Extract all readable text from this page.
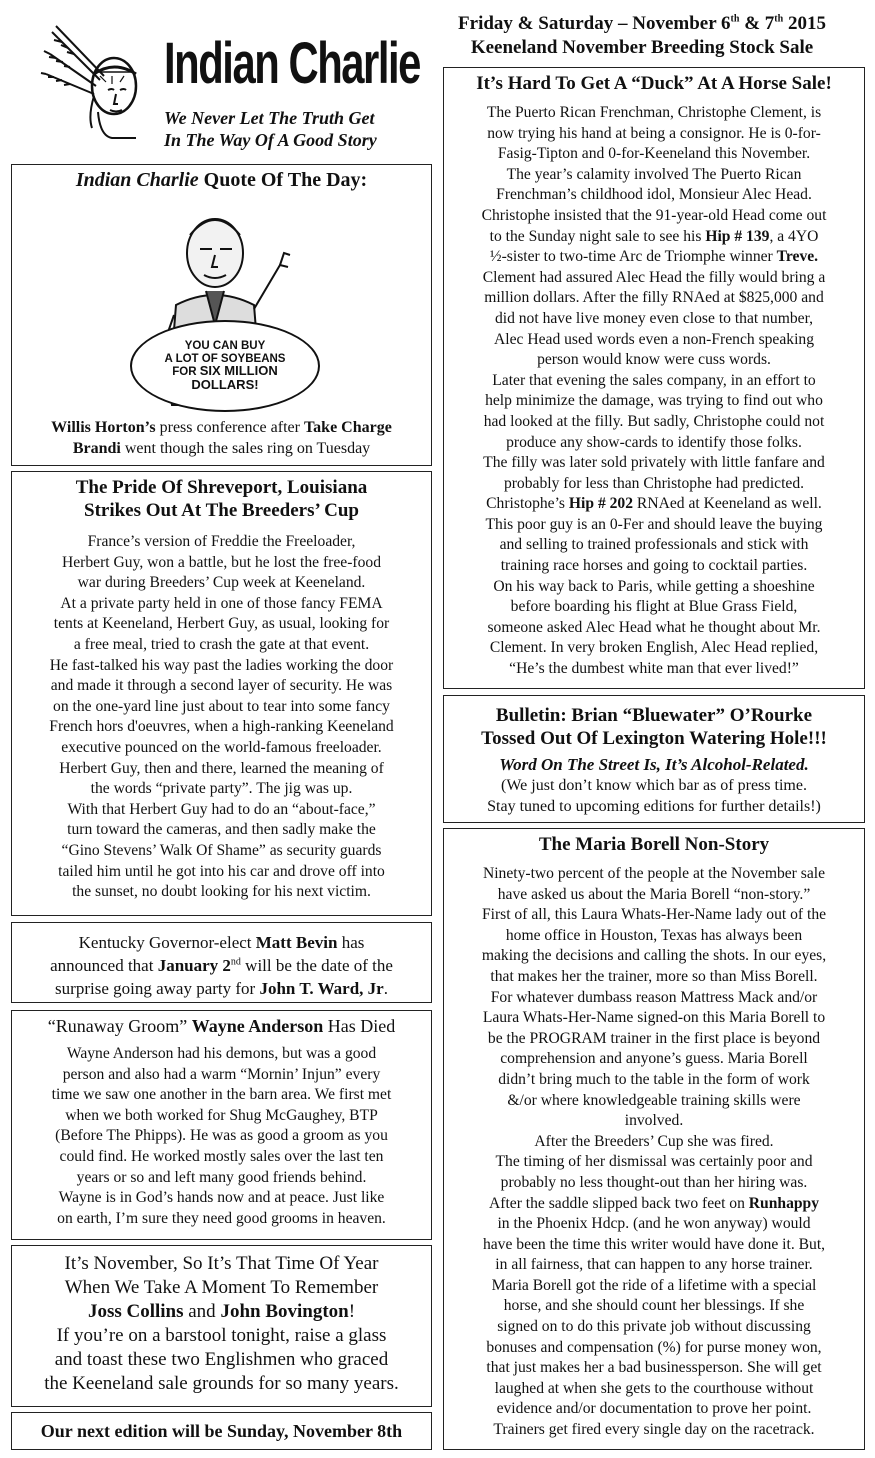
Indian Charlie
We Never Let The Truth Get
In The Way Of A Good Story
Friday & Saturday – November 6th & 7th 2015
Keeneland November Breeding Stock Sale
Indian Charlie Quote Of The Day:
YOU CAN BUY
A LOT OF SOYBEANS
FOR SIX MILLION
DOLLARS!
Willis Horton’s press conference after Take Charge
Brandi went though the sales ring on Tuesday
The Pride Of Shreveport, Louisiana
Strikes Out At The Breeders’ Cup

France’s version of Freddie the Freeloader,

Herbert Guy, won a battle, but he lost the free-food

war during Breeders’ Cup week at Keeneland.

At a private party held in one of those fancy FEMA

tents at Keeneland, Herbert Guy, as usual, looking for

a free meal, tried to crash the gate at that event.

He fast-talked his way past the ladies working the door

and made it through a second layer of security. He was

on the one-yard line just about to tear into some fancy

French hors d'oeuvres, when a high-ranking Keeneland

executive pounced on the world-famous freeloader.

Herbert Guy, then and there, learned the meaning of

the words “private party”. The jig was up.

With that Herbert Guy had to do an “about-face,”

turn toward the cameras, and then sadly make the

“Gino Stevens’ Walk Of Shame” as security guards

tailed him until he got into his car and drove off into

the sunset, no doubt looking for his next victim.

Kentucky Governor-elect Matt Bevin has
announced that January 2nd will be the date of the
surprise going away party for John T. Ward, Jr.
“Runaway Groom” Wayne Anderson Has Died

Wayne Anderson had his demons, but was a good

person and also had a warm “Mornin’ Injun” every

time we saw one another in the barn area. We first met

when we both worked for Shug McGaughey, BTP

(Before The Phipps). He was as good a groom as you

could find. He worked mostly sales over the last ten

years or so and left many good friends behind.

Wayne is in God’s hands now and at peace. Just like

on earth, I’m sure they need good grooms in heaven.

It’s November, So It’s That Time Of Year
When We Take A Moment To Remember
Joss Collins and John Bovington!
If you’re on a barstool tonight, raise a glass
and toast these two Englishmen who graced
the Keeneland sale grounds for so many years.
Our next edition will be Sunday, November 8th
It’s Hard To Get A “Duck” At A Horse Sale!

The Puerto Rican Frenchman, Christophe Clement, is

now trying his hand at being a consignor. He is 0-for-

Fasig-Tipton and 0-for-Keeneland this November.

The year’s calamity involved The Puerto Rican

Frenchman’s childhood idol, Monsieur Alec Head.

Christophe insisted that the 91-year-old Head come out

to the Sunday night sale to see his Hip # 139, a 4YO

½-sister to two-time Arc de Triomphe winner Treve.

Clement had assured Alec Head the filly would bring a

million dollars. After the filly RNAed at $825,000 and

did not have live money even close to that number,

Alec Head used words even a non-French speaking

person would know were cuss words.

Later that evening the sales company, in an effort to

help minimize the damage, was trying to find out who

had looked at the filly. But sadly, Christophe could not

produce any show-cards to identify those folks.

The filly was later sold privately with little fanfare and

probably for less than Christophe had predicted.

Christophe’s Hip # 202 RNAed at Keeneland as well.

This poor guy is an 0-Fer and should leave the buying

and selling to trained professionals and stick with

training race horses and going to cocktail parties.

On his way back to Paris, while getting a shoeshine

before boarding his flight at Blue Grass Field,

someone asked Alec Head what he thought about Mr.

Clement. In very broken English, Alec Head replied,

“He’s the dumbest white man that ever lived!”

Bulletin: Brian “Bluewater” O’Rourke
Tossed Out Of Lexington Watering Hole!!!
Word On The Street Is, It’s Alcohol-Related.

(We just don’t know which bar as of press time.

Stay tuned to upcoming editions for further details!)

The Maria Borell Non-Story

Ninety-two percent of the people at the November sale

have asked us about the Maria Borell “non-story.”

First of all, this Laura Whats-Her-Name lady out of the

home office in Houston, Texas has always been

making the decisions and calling the shots. In our eyes,

that makes her the trainer, more so than Miss Borell.

For whatever dumbass reason Mattress Mack and/or

Laura Whats-Her-Name signed-on this Maria Borell to

be the PROGRAM trainer in the first place is beyond

comprehension and anyone’s guess. Maria Borell

didn’t bring much to the table in the form of work

&/or where knowledgeable training skills were

involved.

After the Breeders’ Cup she was fired.

The timing of her dismissal was certainly poor and

probably no less thought-out than her hiring was.

After the saddle slipped back two feet on Runhappy

in the Phoenix Hdcp. (and he won anyway) would

have been the time this writer would have done it. But,

in all fairness, that can happen to any horse trainer.

Maria Borell got the ride of a lifetime with a special

horse, and she should count her blessings. If she

signed on to do this private job without discussing

bonuses and compensation (%) for purse money won,

that just makes her a bad businessperson. She will get

laughed at when she gets to the courthouse without

evidence and/or documentation to prove her point.

Trainers get fired every single day on the racetrack.
